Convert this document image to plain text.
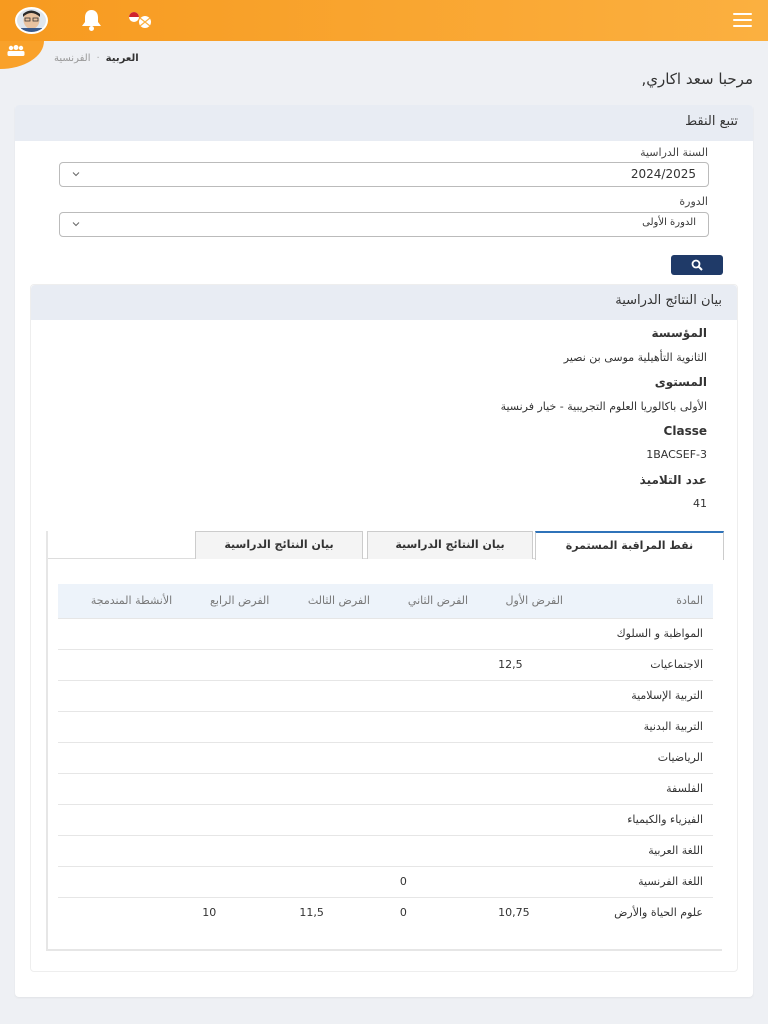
العربية·الفرنسية
مرحبا سعد اكاري,
تتبع النقط
السنة الدراسية
2024/2025
الدورة
الدورة الأولى
بيان النتائج الدراسية
المؤسسة
الثانوية التأهيلية موسى بن نصير
المستوى
الأولى باكالوريا العلوم التجريبية - خيار فرنسية
Classe
1BACSEF-3
عدد التلاميذ
41
نقط المراقبة المستمرة
بيان النتائج الدراسية
بيان النتائج الدراسية
المادة	الفرض الأول	الفرض الثاني	الفرض الثالث	الفرض الرابع	الأنشطة المندمجة
المواظبة و السلوك					
الاجتماعيات	12,5				
التربية الإسلامية					
التربية البدنية					
الرياضيات					
الفلسفة					
الفيزياء والكيمياء					
اللغة العربية					
اللغة الفرنسية		0			
علوم الحياة والأرض	10,75	0	11,5	10	
